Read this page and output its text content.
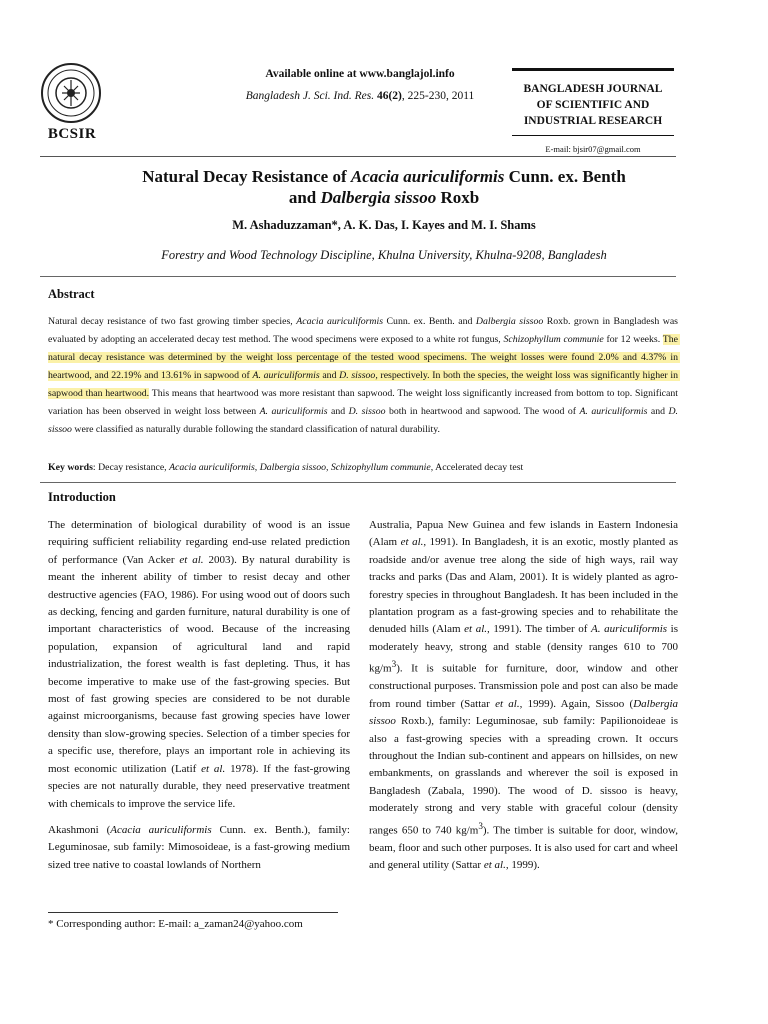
BCSIR
Available online at www.banglajol.info
Bangladesh J. Sci. Ind. Res. 46(2), 225-230, 2011
BANGLADESH JOURNAL
OF SCIENTIFIC AND
INDUSTRIAL RESEARCH
E-mail: bjsir07@gmail.com
Natural Decay Resistance of Acacia auriculiformis Cunn. ex. Benth
and Dalbergia sissoo Roxb
M. Ashaduzzaman*, A. K. Das, I. Kayes and M. I. Shams
Forestry and Wood Technology Discipline, Khulna University, Khulna-9208, Bangladesh
Abstract
Natural decay resistance of two fast growing timber species, Acacia auriculiformis Cunn. ex. Benth. and Dalbergia sissoo Roxb. grown in Bangladesh was evaluated by adopting an accelerated decay test method. The wood specimens were exposed to a white rot fungus, Schizophyllum communie for 12 weeks. The natural decay resistance was determined by the weight loss percentage of the tested wood specimens. The weight losses were found 2.0% and 4.37% in heartwood, and 22.19% and 13.61% in sapwood of A. auriculiformis and D. sissoo, respectively. In both the species, the weight loss was significantly higher in sapwood than heartwood. This means that heartwood was more resistant than sapwood. The weight loss significantly increased from bottom to top. Significant variation has been observed in weight loss between A. auriculiformis and D. sissoo both in heartwood and sapwood. The wood of A. auriculiformis and D. sissoo were classified as naturally durable following the standard classification of natural durability.
Key words: Decay resistance, Acacia auriculiformis, Dalbergia sissoo, Schizophyllum communie, Accelerated decay test
Introduction

The determination of biological durability of wood is an issue requiring sufficient reliability regarding end-use related prediction of performance (Van Acker et al. 2003). By natural durability is meant the inherent ability of timber to resist decay and other destructive agencies (FAO, 1986). For using wood out of doors such as decking, fencing and garden furniture, natural durability is one of important characteristics of wood. Because of the increasing population, expansion of agricultural land and rapid industrialization, the forest wealth is fast depleting. Thus, it has become imperative to make use of the fast-growing species. But most of fast growing species are considered to be not durable against microorganisms, because fast growing species have lower density than slow-growing species. Selection of a timber species for a specific use, therefore, plays an important role in achieving its most economic utilization (Latif et al. 1978). If the fast-growing species are not naturally durable, they need preservative treatment with chemicals to improve the service life.

Akashmoni (Acacia auriculiformis Cunn. ex. Benth.), family: Leguminosae, sub family: Mimosoideae, is a fast-growing medium sized tree native to coastal lowlands of Northern

Australia, Papua New Guinea and few islands in Eastern Indonesia (Alam et al., 1991). In Bangladesh, it is an exotic, mostly planted as roadside and/or avenue tree along the side of high ways, rail way tracks and parks (Das and Alam, 2001). It is widely planted as agro-forestry species in throughout Bangladesh. It has been included in the plantation program as a fast-growing species and to rehabilitate the denuded hills (Alam et al., 1991). The timber of A. auriculiformis is moderately heavy, strong and stable (density ranges 610 to 700 $kg/m^3$). It is suitable for furniture, door, window and other constructional purposes. Transmission pole and post can also be made from round timber (Sattar et al., 1999). Again, Sissoo (Dalbergia sissoo Roxb.), family: Leguminosae, sub family: Papilionoideae is also a fast-growing species with a spreading crown. It occurs throughout the Indian sub-continent and appears on hillsides, on new embankments, on grasslands and wherever the soil is exposed in Bangladesh (Zabala, 1990). The wood of D. sissoo is heavy, moderately strong and very stable with graceful colour (density ranges 650 to 740 $kg/m^3$). The timber is suitable for door, window, beam, floor and such other purposes. It is also used for cart and wheel and general utility (Sattar et al., 1999).

* Corresponding author: E-mail: a_zaman24@yahoo.com
